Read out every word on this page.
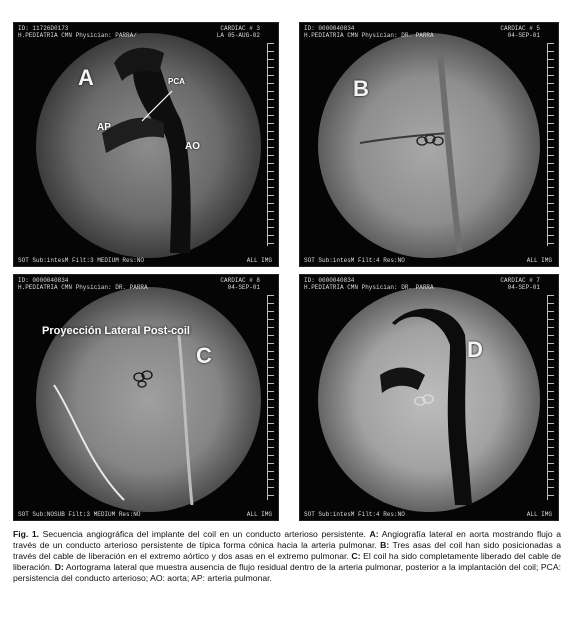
ID: 11726D0173
H.PEDIATRIA CMN Physician: PARRA/
CARDIAC # 3
LA 05-AUG-02
A	PCA
AP
AO
SOT Sub:intesM Filt:3 MEDIUM Res:NO	ALL IMG
ID: 0000040834
H.PEDIATRIA CMN Physician: DR. PARRA
CARDIAC # 5
04-SEP-01
B
SOT Sub:intesM Filt:4 Res:NO	ALL IMG
ID: 0000040834
H.PEDIATRIA CMN Physician: DR. PARRA
CARDIAC # 8
04-SEP-01
Proyección Lateral Post-coil
C
SOT Sub:NOSUB Filt:3 MEDIUM Res:NO	ALL IMG
ID: 0000040834
H.PEDIATRIA CMN Physician: DR. PARRA
CARDIAC # 7
04-SEP-01
D
SOT Sub:intesM Filt:4 Res:NO	ALL IMG
Fig. 1. Secuencia angiográfica del implante del coil en un conducto arterioso persistente. A: Angiografía lateral en aorta mostrando flujo a través de un conducto arterioso persistente de típica forma cónica hacia la arteria pulmonar. B: Tres asas del coil han sido posicionadas a través del cable de liberación en el extremo aórtico y dos asas en el extremo pulmonar. C: El coil ha sido completamente liberado del cable de liberación. D: Aortograma lateral que muestra ausencia de flujo residual dentro de la arteria pulmonar, posterior a la implantación del coil; PCA: persistencia del conducto arterioso; AO: aorta; AP: arteria pulmonar.
